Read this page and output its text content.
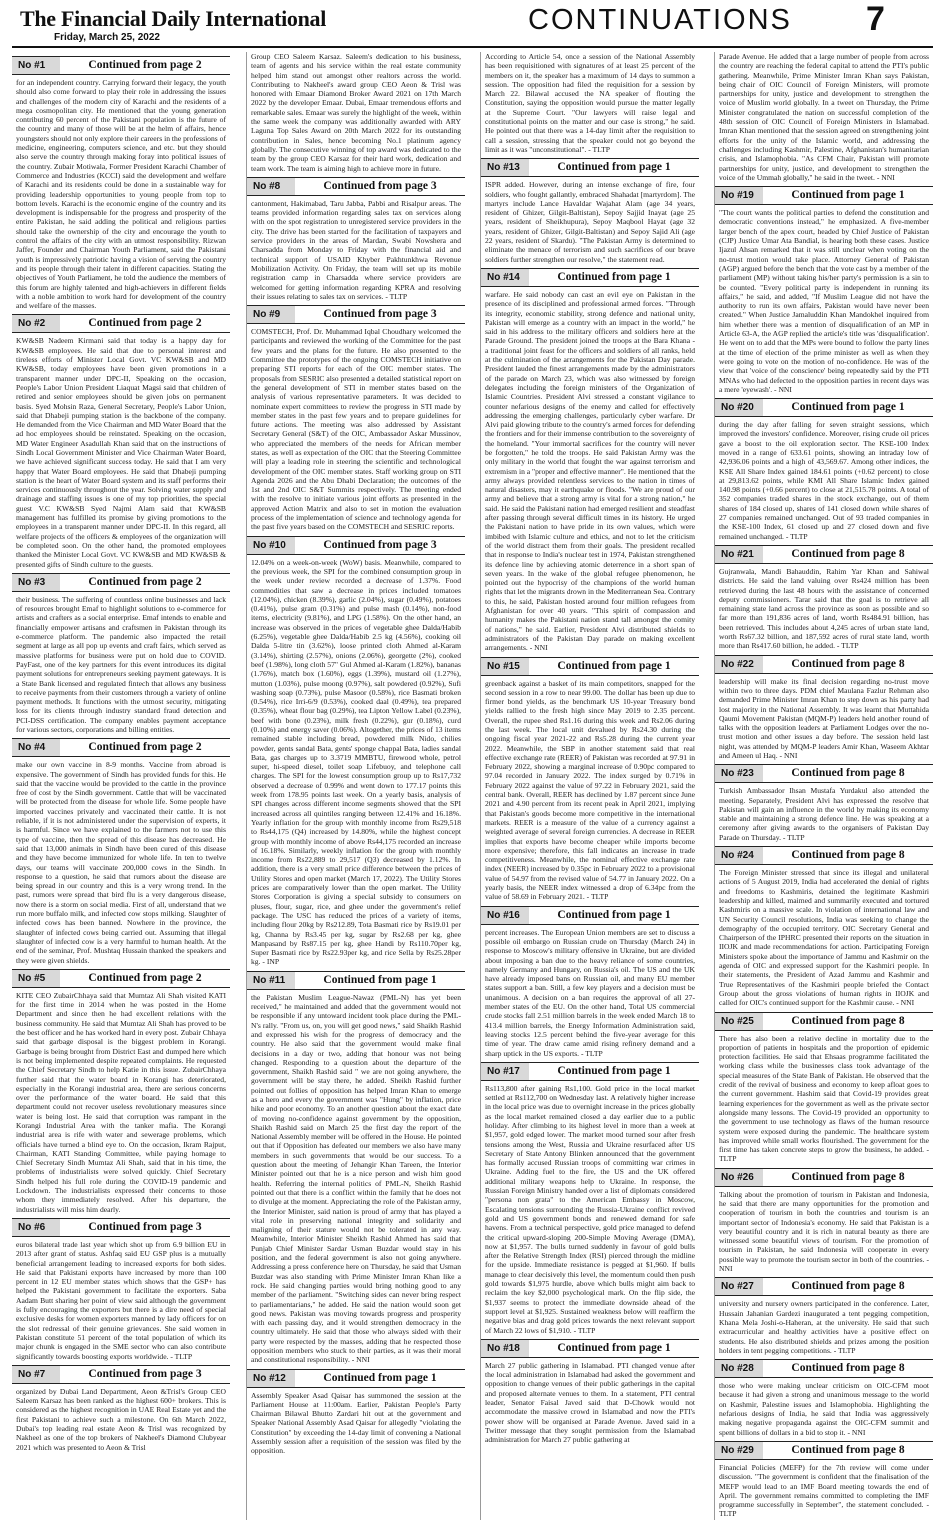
The Financial Daily International
Friday, March 25, 2022
CONTINUATIONS 7
No #1	Continued from page 2

for an independent country. Carrying forward their legacy, the youth should also come forward to play their role in addressing the issues and challenges of the modern city of Karachi and the residents of a mega cosmopolitan city. He mentioned that the young generation contributing 60 percent of the Pakistani population is the future of the country and many of those will be at the helm of affairs, hence youngsters should not only explore their careers in the professions of medicine, engineering, computers science, and etc. but they should also serve the country through making foray into political issues of the country. Zubair Motiwala, Former President Karachi Chamber of Commerce and Industries (KCCI) said the development and welfare of Karachi and its residents could be done in a sustainable way for providing leadership opportunities to young people from top to bottom levels. Karachi is the economic engine of the country and its development is indispensable for the progress and prosperity of the entire Pakistan, he said adding the political and religious parties should take the ownership of the city and encourage the youth to control the affairs of the city with an utmost responsibility. Rizwan Jaffer, Founder and Chairman Youth Parliament, said the Pakistani youth is impressively patriotic having a vision of serving the country and its people through their talent in different capacities. Stating the objectives of Youth Parliament, he told the audience the members of this forum are highly talented and high-achievers in different fields with a noble ambition to work hard for development of the country and welfare of the masses.

No #2	Continued from page 2

KW&SB Nadeem Kirmani said that today is a happy day for KW&SB employees. He said that due to personal interest and tireless efforts of Minister Local Govt. VC KW&SB and MD KW&SB, today employees have been given promotions in a transparent manner under DPC-II, Speaking on the occasion, People's Labor Union President Liaquat Magsi said that children of retired and senior employees should be given jobs on permanent basis. Syed Mohsin Raza, General Secretary, People's Labor Union, said that Dhabeji pumping station is the backbone of the company. He demanded from the Vice Chairman and MD Water Board that the ad hoc employees should be reinstated. Speaking on the occasion, MD Water Engineer Asadullah Khan said that on the instructions of Sindh Local Government Minister and Vice Chairman Water Board, we have achieved significant success today. He said that I am very happy that Water Board employees. He said that Dhabeji pumping station is the heart of Water Board system and its staff performs their services continuously throughout the year. Solving water supply and drainage and staffing issues is one of my top priorities, the special guest V.C KW&SB Syed Najmi Alam said that KW&SB management has fulfilled its promise by giving promotions to the employees in a transparent manner under DPC-II. In this regard, all welfare projects of the officers & employees of the organization will be completed soon. On the other hand, the promoted employees thanked the Minister Local Govt. VC KW&SB and MD KW&SB & presented gifts of Sindh culture to the guests.

No #3	Continued from page 2

their business. The suffering of countless online businesses and lack of resources brought Emaf to highlight solutions to e-commerce for artists and crafters as a social enterprise. Emaf intends to enable and financially empower artisans and craftsmen in Pakistan through its e-commerce platform. The pandemic also impacted the retail segment at large as all pop up events and craft fairs, which served as massive platforms for business were put on hold due to COVID. PayFast, one of the key partners for this event introduces its digital payment solutions for entrepreneurs seeking payment gateways. It is a State Bank licensed and regulated fintech that allows any business to receive payments from their customers through a variety of online payment methods. It functions with the utmost security, mitigating loss for its clients through industry standard fraud detection and PCI-DSS certification. The company enables payment acceptance for various sectors, corporations and billing entities.

No #4	Continued from page 2

make our own vaccine in 8-9 months. Vaccine from abroad is expensive. The government of Sindh has provided funds for this. He said that the vaccine would be provided to the cattle in the province free of cost by the Sindh government. Cattle that will be vaccinated will be protected from the disease for whole life. Some people have imported vaccines privately and vaccinated their cattle. It is not reliable, if it is not administered under the supervision of experts, it is harmful. Since we have explained to the farmers not to use this type of vaccine, then the spread of this disease has decreased. He said that 13,000 animals in Sindh have been cured of this disease and they have become immunized for whole life. In ten to twelve days, our teams will vaccinate 200,000 cows in the Sindh. In response to a question, he said that rumors about the disease are being spread in our country and this is a very wrong trend. In the past, rumors were spread that bird flu is a very dangerous disease, now there is a storm on social media. First of all, understand that we run more buffalo milk, and infected cow stops milking. Slaughter of infected cows has been banned. Nowhere in the province, the slaughter of infected cows being carried out. Assuming that illegal slaughter of infected cow is a very harmful to human health. At the end of the seminar, Prof. Mushtaq Hussain thanked the speakers and they were given shields.

No #5	Continued from page 2

KITE CEO ZubairChhaya said that Mumtaz Ali Shah visited KATI for the first time in 2014 when he was posted in the Home Department and since then he had excellent relations with the business community. He said that Mumtaz Ali Shah has proved to be the best officer and he has worked hard in every post. Zubair Chhaya said that garbage disposal is the biggest problem in Korangi. Garbage is being brought from District East and dumped here which is not being implemented despite repeated complaints. He requested the Chief Secretary Sindh to help Katie in this issue. ZubairChhaya further said that the water board in Korangi has deteriorated, especially in the Korangi industrial area, there are serious concerns over the performance of the water board. He said that this department could not recover useless revolutionary measures since water is being lost. He said that corruption was rampant in the Korangi Industrial Area with the tanker mafia. The Korangi industrial area is rife with water and sewerage problems, which officials have turned a blind eye to. On the occasion, Ikram Rajput, Chairman, KATI Standing Committee, while paying homage to Chief Secretary Sindh Mumtaz Ali Shah, said that in his time, the problems of industrialists were solved quickly. Chief Secretary Sindh helped his full role during the COVID-19 pandemic and Lockdown. The industrialists expressed their concerns to those whom they immediately resolved. After his departure, the industrialists will miss him dearly.

No #6	Continued from page 3

euros bilateral trade last year which shot up from 6.9 billion EU in 2013 after grant of status. Ashfaq said EU GSP plus is a mutually beneficial arrangement leading to increased exports for both sides. He said that Pakistani exports have increased by more than 100 percent in 12 EU member states which shows that the GSP+ has helped the Pakistani government to facilitate the exporters. Saba Aadam Butt sharing her point of view said although the government is fully encouraging the exporters but there is a dire need of special exclusive desks for women exporters manned by lady officers for on the slot redressal of their genuine grievances. She said women in Pakistan constitute 51 percent of the total population of which its major chunk is engaged in the SME sector who can also contribute significantly towards boosting exports worldwide. - TLTP

No #7	Continued from page 3

organized by Dubai Land Department, Aeon &Trisl's Group CEO Saleem Karsaz has been ranked as the highest 600+ brokers. This is considered as the highest recognition in UAE Real Estate yet and the first Pakistani to achieve such a milestone. On 6th March 2022, Dubai's top leading real estate Aeon & Trisl was recognized by Nakheel as one of the top brokers of Nakheel's Diamond Clubyear 2021 which was presented to Aeon & Trisl

Group CEO Saleem Karsaz. Saleem's dedication to his business, team of agents and his service within the real estate community helped him stand out amongst other realtors across the world. Contributing to Nakheel's award group CEO Aeon & Trisl was honored with Emaar Diamond Broker Award 2021 on 17th March 2022 by the developer Emaar. Dubai, Emaar tremendous efforts and remarkable sales. Emaar was surely the highlight of the week, within the same week the company was additionally awarded with ARY Laguna Top Sales Award on 20th March 2022 for its outstanding contribution in Sales, hence becoming No.1 platinum agency globally. The consecutive winning of top award was dedicated to the team by the group CEO Karsaz for their hard work, dedication and team work. The team is aiming high to achieve more in future.

No #8	Continued from page 3

cantonment, Hakimabad, Taru Jabba, Pabbi and Risalpur areas. The teams provided information regarding sales tax on services along with on the spot registration to unregistered service providers in the city. The drive has been started for the facilitation of taxpayers and service providers in the areas of Mardan, Swabi Nowshera and Charsadda from Monday to Friday with the financial aid and technical support of USAID Khyber Pakhtunkhwa Revenue Mobilization Activity. On Friday, the team will set up its mobile registration camp in Charsadda where service providers are welcomed for getting information regarding KPRA and resolving their issues relating to sales tax on services. - TLTP

No #9	Continued from page 3

COMSTECH, Prof. Dr. Muhammad Iqbal Choudhary welcomed the participants and reviewed the working of the Committee for the past few years and the plans for the future. He also presented to the Committee the prototypes of the ongoing COMSTECH initiative on preparing STI reports for each of the OIC member states. The proposals from SESRIC also presented a detailed statistical report on the general development of STI in member states based on the analysis of various representative parameters. It was decided to nominate expert committees to review the progress in STI made by member states in the past few years and to prepare guidelines for future actions. The meeting was also addressed by Assistant Secretary General (S&T) of the OIC, Ambassador Askar Mussinov, who appreciated the members of the needs for African member states, as well as expectation of the OIC that the Steering Committee will play a leading role in steering the scientific and technological development of the OIC member states. Staff working group on STI Agenda 2026 and the Abu Dhabi Declaration; the outcomes of the 1st and 2nd OIC S&T Summits respectively. The meeting ended with the resolve to initiate various joint efforts as presented in the approved Action Matrix and also to set in motion the evaluation process of the implementation of science and technology agenda for the past five years based on the COMSTECH and SESRIC reports.

No #10	Continued from page 3

12.04% on a week-on-week (WoW) basis. Meanwhile, compared to the previous week, the SPI for the combined consumption group in the week under review recorded a decrease of 1.37%. Food commodities that saw a decrease in prices included tomatoes (12.04%), chicken (8.39%), garlic (2.04%), sugar (0.49%), potatoes (0.41%), pulse gram (0.31%) and pulse mash (0.14%), non-food items, electricity (9.81%), and LPG (1.58%). On the other hand, an increase was observed in the prices of vegetable ghee Dalda/Habib (6.25%), vegetable ghee Dalda/Habib 2.5 kg (4.56%), cooking oil Dalda 5-litre tin (3.62%), loose printed cloth Ahmed al-Karam (3.14%), shirting (2.57%), onions (2.06%), georgette (2%), cooked beef (1.98%), long cloth 57" Gul Ahmed al-Karam (1.82%), bananas (1.76%), match box (1.60%), eggs (1.39%), mustard oil (1.27%), mutton (1.03%), pulse moong (0.97%), salt powdered (0.92%), Sufi washing soap (0.73%), pulse Masoor (0.58%), rice Basmati broken (0.54%), rice Irri-6/9 (0.53%), cooked daal (0.49%), tea prepared (0.35%), wheat flour bag (0.29%), tea Lipton Yellow Label (0.23%), beef with bone (0.23%), milk fresh (0.22%), gur (0.18%), curd (0.10%) and energy saver (0.06%). Altogether, the prices of 13 items remained stable including bread, powdered milk Nido, chilies powder, gents sandal Bata, gents' sponge chappal Bata, ladies sandal Bata, gas charges up to 3.3719 MMBTU, firewood whole, petrol super, hi-speed diesel, toilet soap Lifebuoy, and telephone call charges. The SPI for the lowest consumption group up to Rs17,732 observed a decrease of 0.99% and went down to 177.17 points this week from 178.95 points last week. On a yearly basis, analysis of SPI changes across different income segments showed that the SPI increased across all quintiles ranging between 12.41% and 16.18%. Yearly inflation for the group with monthly income from Rs29,518 to Rs44,175 (Q4) increased by 14.80%, while the highest concept group with monthly income of above Rs44,175 recorded an increase of 16.18%. Similarly, weekly inflation for the group with monthly income from Rs22,889 to 29,517 (Q3) decreased by 1.12%. In addition, there is a very small price difference between the prices of Utility Stores and open market (March 17, 2022). The Utility Stores prices are comparatively lower than the open market. The Utility Stores Corporation is giving a special subsidy to consumers on pluses, flour, sugar, rice, and ghee under the government's relief package. The USC has reduced the prices of a variety of items, including flour 20kg by Rs212.89, Tota Basmati rice by Rs19.01 per kg, Channa by Rs3.45 per kg, sugar by Rs2.68 per kg, ghee Manpasand by Rs87.15 per kg, ghee Handi by Rs110.70per kg, Super Basmati rice by Rs22.93per kg, and rice Sella by Rs25.28per kg. - INP

No #11	Continued from page 1

the Pakistan Muslim League-Nawaz (PML-N) has yet been received," he maintained and added that the government would not be responsible if any untoward incident took place during the PML-N's rally. "From us, on, you will get good news," said Shaikh Rashid and expressed his wish for the progress of democracy and the country. He also said that the government would make final decisions in a day or two, adding that honour was not being changed. Responding to a question about the departure of the government, Shaikh Rashid said " we are not going anywhere, the government will be stay there, he added. Sheikh Rashid further pointed out follies of opposition has helped Imran Khan to emerge as a hero and every the government was "Hung" by inflation, price hike and poor economy. To an another question about the exact date of moving no-confidence against government by the opposition, Shaikh Rashid said on March 25 the first day the report of the National Assembly member will be offered in the House. He pointed out that if Opposition has defeated our members we also have many members in such governments that would be our success. To a question about the meeting of Jehangir Khan Tareen, the Interior Minister pointed out that he is a nice person and wish him good health. Referring the internal politics of PML-N, Sheikh Rashid pointed out that there is a conflict within the family that he does not to divulge at the moment. Appreciating the role of the Pakistan army, the Interior Minister, said nation is proud of army that has played a vital role in preserving national integrity and solidarity and maligning of their stature would not be tolerated in any way. Meanwhile, Interior Minister Sheikh Rashid Ahmed has said that Punjab Chief Minister Sardar Usman Buzdar would stay in his position, and the federal government is also not going anywhere. Addressing a press conference here on Thursday, he said that Usman Buzdar was also standing with Prime Minister Imran Khan like a rock. He said changing parties would bring nothing good to any member of the parliament. "Switching sides can never bring respect to parliamentarians," he added. He said the nation would soon get good news. Pakistan was moving towards progress and prosperity with each passing day, and it would strengthen democracy in the country ultimately. He said that those who always sided with their party were respected by the masses, adding that he respected those opposition members who stuck to their parties, as it was their moral and constitutional responsibility. - NNI

No #12	Continued from page 1

Assembly Speaker Asad Qaisar has summoned the session at the Parliament House at 11:00am. Earlier, Pakistan People's Party Chairman Bilawal Bhutto Zardari hit out at the government and Speaker National Assembly Asad Qaisar for allegedly "violating the Constitution" by exceeding the 14-day limit of convening a National Assembly session after a requisition of the session was filed by the opposition.

According to Article 54, once a session of the National Assembly has been requisitioned with signatures of at least 25 percent of the members on it, the speaker has a maximum of 14 days to summon a session. The opposition had filed the requisition for a session by March 22. Bilawal accused the NA speaker of flouting the Constitution, saying the opposition would pursue the matter legally at the Supreme Court. "Our lawyers will raise legal and constitutional points on the matter and our case is strong," he said. He pointed out that there was a 14-day limit after the requisition to call a session, stressing that the speaker could not go beyond the limit as it was "unconstitutional". - TLTP

No #13	Continued from page 1

ISPR added. However, during an intense exchange of fire, four soldiers, who fought gallantly, embraced Shahadat [martyrdom]. The martyrs include Lance Havaldar Wajahat Alam (age 34 years, resident of Ghizer, Gilgit-Baltistan), Sepoy Sajjid Inayat (age 25 years, resident of Sheikhupura), Sepoy Maqbool Hayat (age 32 years, resident of Ghizer, Gilgit-Baltistan) and Sepoy Sajid Ali (age 22 years, resident of Skardu). "The Pakistan Army is determined to eliminate the menace of terrorism and such sacrifices of our brave soldiers further strengthen our resolve," the statement read.

No #14	Continued from page 1

warfare. He said nobody can cast an evil eye on Pakistan in the presence of its disciplined and professional armed forces. "Through its integrity, economic stability, strong defence and national unity, Pakistan will emerge as a country with an impact in the world," he said in his address to the military officers and soldiers here at the Parade Ground. The president joined the troops at the Bara Khana - a traditional joint feast for the officers and soldiers of all ranks, held at the culmination of the arrangements for the Pakistan Day parade. President lauded the finest arrangements made by the administrators of the parade on March 23, which was also witnessed by foreign delegates including the foreign ministers of the Organization of Islamic Countries. President Alvi stressed a constant vigilance to counter nefarious designs of the enemy and called for effectively addressing the emerging challenges, particularly cyber warfare. Dr Alvi paid glowing tribute to the country's armed forces for defending the frontiers and for their immense contribution to the sovereignty of the homeland. "Your immortal sacrifices for the country will never be forgotten," he told the troops. He said Pakistan Army was the only military in the world that fought the war against terrorism and extremism in a "proper and effective manner". He mentioned that the army always provided relentless services to the nation in times of natural disasters, may it earthquake or floods. "We are proud of our army and believe that a strong army is vital for a strong nation," he said. He said the Pakistani nation had emerged resilient and steadfast after passing through several difficult times in its history. He urged the Pakistani nation to have pride in its own values, which were imbibed with Islamic culture and ethics, and not to let the criticism of the world distract them from their goals. The president recalled that in response to India's nuclear test in 1974, Pakistan strengthened its defence line by achieving atomic deterrence in a short span of seven years. In the wake of the global refugee phenomenon, he pointed out the hypocrisy of the champions of the world human rights that let the migrants drown in the Mediterranean Sea. Contrary to this, he said, Pakistan hosted around four million refugees from Afghanistan for over 40 years. "This spirit of compassion and humanity makes the Pakistani nation stand tall amongst the comity of nations," he said. Earlier, President Alvi distributed shields to administrators of the Pakistan Day parade on making excellent arrangements. - NNI

No #15	Continued from page 1

greenback against a basket of its main competitors, snapped for the second session in a row to near 99.00. The dollar has been up due to firmer bond yields, as the benchmark US 10-year Treasury bond yields rallied to the fresh high since May 2019 to 2.35 percent. Overall, the rupee shed Rs1.16 during this week and Rs2.06 during the last week. The local unit devalued by Rs24.30 during the ongoing fiscal year 2021-22 and Rs5.28 during the current year 2022. Meanwhile, the SBP in another statement said that real effective exchange rate (REER) of Pakistan was recorded at 97.91 in February 2022, showing a marginal increase of 0.90pc compared to 97.04 recorded in January 2022. The index surged by 0.71% in February 2022 against the value of 97.22 in February 2021, said the central bank. Overall, REER has declined by 1.87 percent since June 2021 and 4.90 percent from its recent peak in April 2021, implying that Pakistan's goods become more competitive in the international markets. REER is a measure of the value of a currency against a weighted average of several foreign currencies. A decrease in REER implies that exports have become cheaper while imports become more expensive; therefore, this fall indicates an increase in trade competitiveness. Meanwhile, the nominal effective exchange rate index (NEER) increased by 0.35pc in February 2022 to a provisional value of 54.97 from the revised value of 54.77 in January 2022. On a yearly basis, the NEER index witnessed a drop of 6.34pc from the value of 58.69 in February 2021. - TLTP

No #16	Continued from page 1

percent increases. The European Union members are set to discuss a possible oil embargo on Russian crude on Thursday (March 24) in response to Moscow's military offensive in Ukraine, but are divided about imposing a ban due to the heavy reliance of some countries, namely Germany and Hungary, on Russia's oil. The US and the UK have already imposed bans on Russian oil, and many EU member states support a ban. Still, a few key players and a decision must be unanimous. A decision on a ban requires the approval of all 27-member states of the EU. On the other hand, Total US commercial crude stocks fall 2.51 million barrels in the week ended March 18 to 413.4 million barrels, the Energy Information Administration said, leaving stocks 12.5 percent behind the five-year average for this time of year. The draw came amid rising refinery demand and a sharp uptick in the US exports. - TLTP

No #17	Continued from page 1

Rs113,800 after gaining Rs1,100. Gold price in the local market settled at Rs112,700 on Wednesday last. A relatively higher increase in the local price was due to overnight increase in the prices globally as the local market remained closed a day earlier due to a public holiday. After climbing to its highest level in more than a week at $1,957, gold edged lower. The market mood turned sour after fresh tensions among the West, Russia and Ukraine resurfaced after US Secretary of State Antony Blinken announced that the government has formally accused Russian troops of committing war crimes in Ukraine. Adding fuel to the fire, the US and the UK offered additional military weapons help to Ukraine. In response, the Russian Foreign Ministry handed over a list of diplomats considered "persona non grata" to the American Embassy in Moscow, Escalating tensions surrounding the Russia-Ukraine conflict revived gold and US government bonds and renewed demand for safe havens. From a technical perspective, gold price managed to defend the critical upward-sloping 200-Simple Moving Average (DMA), now at $1,957. The bulls turned suddenly in favour of gold bulls after the Relative Strength Index (RSI) pierced through the midline for the upside. Immediate resistance is pegged at $1,960. If bulls manage to clear decisively this level, the momentum could then push gold towards $1,975 hurdle, above which bulls might aim back to reclaim the key $2,000 psychological mark. On the flip side, the $1,937 seems to protect the immediate downside ahead of the support level at $1,925. Sustained weakness below will reaffirm the negative bias and drag gold prices towards the next relevant support of March 22 lows of $1,910. - TLTP

No #18	Continued from page 1

March 27 public gathering in Islamabad. PTI changed venue after the local administration in Islamabad had asked the government and opposition to change venues of their public gatherings in the capital and proposed alternate venues to them. In a statement, PTI central leader, Senator Faisal Javed said that D-Chowk would not accommodate the massive crowd in Islamabad and now the PTI's power show will be organised at Parade Avenue. Javed said in a Twitter message that they sought permission from the Islamabad administration for March 27 public gathering at

Parade Avenue. He added that a large number of people from across the country are reaching the federal capital to attend the PTI's public gathering. Meanwhile, Prime Minister Imran Khan says Pakistan, being chair of OIC Council of Foreign Ministers, will promote partnerships for unity, justice and development to strengthen the voice of Muslim world globally. In a tweet on Thursday, the Prime Minister congratulated the nation on successful completion of the 48th session of OIC Council of Foreign Ministers in Islamabad. Imran Khan mentioned that the session agreed on strengthening joint efforts for the unity of the Islamic world, and addressing the challenges including Kashmir, Palestine, Afghanistan's humanitarian crisis, and Islamophobia. "As CFM Chair, Pakistan will promote partnerships for unity, justice, and development to strengthen the voice of the Ummah globally," he said in the tweet. - NNI

No #19	Continued from page 1

"The court wants the political parties to defend the constitution and democratic conventions instead," he emphasized. A five-member larger bench of the apex court, headed by Chief Justice of Pakistan (CJP) Justice Umar Ata Bandial, is hearing both these cases. Justice Ijazul Ahsan remarked that it was still unclear when voting on the no-trust motion would take place. Attorney General of Pakistan (AGP) argued before the bench that the vote cast by a member of the parliament (MP) without taking his/her party's permission is a sin to be counted. "Every political party is independent in running its affairs," he said, and added, "If Muslim League did not have the authority to run its own affairs, Pakistan would have never been created." When Justice Jamaluddin Khan Mandokhel inquired from him whether there was a mention of disqualification of an MP in Article 63-A, the AGP replied the article's title was 'disqualification'. He went on to add that the MPs were bound to follow the party lines at the time of election of the prime minister as well as when they were going to vote on the motion of no-confidence. He was of the view that 'voice of the conscience' being repeatedly said by the PTI MNAs who had defected to the opposition parties in recent days was a mere 'eyewash'. - NNI

No #20	Continued from page 1

during the day after falling for seven straight sessions, which improved the investors' confidence. Moreover, rising crude oil prices gave a boost to the oil exploration sector. The KSE-100 Index moved in a range of 633.61 points, showing an intraday low of 42,936.06 points and a high of 43,569.67. Among other indices, the KSE All Share Index gained 184.61 points (+0.62 percent) to close at 29,813.62 points, while KMI All Share Islamic Index gained 140.98 points (+0.66 percent) to close at 21,515.78 points. A total of 352 companies traded shares in the stock exchange, out of them shares of 184 closed up, shares of 141 closed down while shares of 27 companies remained unchanged. Out of 93 traded companies in the KSE-100 Index, 61 closed up and 27 closed down and five remained unchanged. - TLTP

No #21	Continued from page 8

Gujranwala, Mandi Bahauddin, Rahim Yar Khan and Sahiwal districts. He said the land valuing over Rs424 million has been retrieved during the last 48 hours with the assistance of concerned deputy commissioners. Tarar said that the goal is to retrieve all remaining state land across the province as soon as possible and so far more than 191,836 acres of land, worth Rs484.91 billion, has been retrieved. This includes about 4,245 acres of urban state land, worth Rs67.32 billion, and 187,592 acres of rural state land, worth more than Rs417.60 billion, he added. - TLTP

No #22	Continued from page 8

leadership will make its final decision regarding no-trust move within two to three days. PDM chief Maulana Fazlur Rehman also demanded Prime Minister Imran Khan to step down as his party had lost majority in the National Assembly. It was learnt that Muttahida Qaumi Movement Pakistan (MQM-P) leaders held another round of talks with the opposition leaders at Parliament Lodges over the no-trust motion and other issues a day before. The session held last night, was attended by MQM-P leaders Amir Khan, Waseem Akhtar and Ameen ul Haq. - NNI

No #23	Continued from page 8

Turkish Ambassador Ihsan Mustafa Yurdakul also attended the meeting. Separately, President Alvi has expressed the resolve that Pakistan will gain an influence in the world by making its economy stable and maintaining a strong defence line. He was speaking at a ceremony after giving awards to the organisers of Pakistan Day Parade on Thursday. - TLTP

No #24	Continued from page 8

The Foreign Minister stressed that since its illegal and unilateral actions of 5 August 2019, India had accelerated the denial of rights and freedoms to Kashmiris, detained the legitimate Kashmiri leadership and killed, maimed and summarily executed and tortured Kashmiris on a massive scale. In violation of international law and UN Security Council resolutions, India was seeking to change the demography of the occupied territory. OIC Secretary General and Chairperson of the IPHRC presented their reports on the situation in IIOJK and made recommendations for action. Participating Foreign Ministers spoke about the importance of Jammu and Kashmir on the agenda of OIC and expressed support for the Kashmiri people. In their statements, the President of Azad Jammu and Kashmir and True Representatives of the Kashmiri people briefed the Contact Group about the gross violations of human rights in IIOJK and called for OIC's continued support for the Kashmir cause. - NNI

No #25	Continued from page 8

There has also been a relative decline in mortality due to the proportion of patients in hospitals and the proportion of epidemic protection facilities. He said that Ehsaas programme facilitated the working class while the businesses class took advantage of the special measures of the State Bank of Pakistan. He observed that the credit of the revival of business and economy to keep afloat goes to the current government. Hashim said that Covid-19 provides great learning experiences for the government as well as the private sector alongside many lessons. The Covid-19 provided an opportunity to the government to use technology as flaws of the human resource system were exposed during the pandemic. The healthcare system has improved while small works flourished. The government for the first time has taken concrete steps to grow the business, he added. - TLTP

No #26	Continued from page 8

Talking about the promotion of tourism in Pakistan and Indonesia, he said that there are many opportunities for the promotion and cooperation of tourism in both the countries and tourism is an important sector of Indonesia's economy. He said that Pakistan is a very beautiful country and it is rich in natural beauty as there are witnessed some beautiful views of tourism. For the promotion of tourism in Pakistan, he said Indonesia will cooperate in every possible way to promote the tourism sector in both of the countries. - NNI

No #27	Continued from page 8

university and nursery owners participated in the conference. Later, Hussain Jahanian Gardezi inaugurated a tent pegging competition, Khana Mela Joshi-o-Haheran, at the university. He said that such extracurricular and healthy activities have a positive effect on students. He also distributed shields and prizes among the position holders in tent pegging competitions. - TLTP

No #28	Continued from page 8

those who were making unclear criticism on OIC-CFM moot because it had given a strong and unanimous message to the world on Kashmir, Palestine issues and Islamophobia. Highlighting the nefarious designs of India, he said that India was aggressively making negative propaganda against the OIC-CFM summit and spent billions of dollars in a bid to stop it. - NNI

No #29	Continued from page 8

Financial Policies (MEFP) for the 7th review will come under discussion. "The government is confident that the finalisation of the MEFP would lead to an IMF Board meeting towards the end of April. The government remains committed to completing the IMF programme successfully in September", the statement concluded. - TLTP
